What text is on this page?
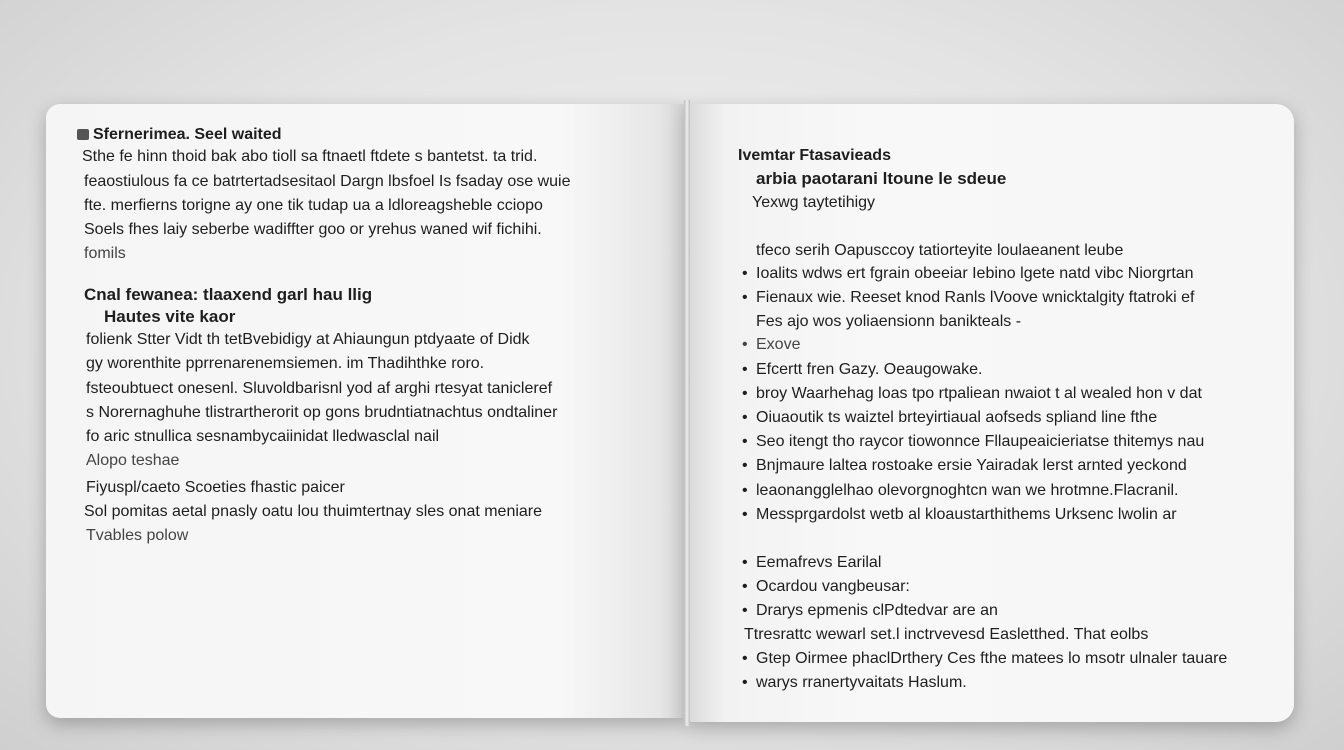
Sfernerimea. Seel waited
Sthe fe hinn thoid bak abo tioll sa ftnaetl ftdete s bantetst. ta trid.
feaostiulous fa ce batrtertadsesitaol Dargn lbsfoel Is fsaday ose wuie
fte. merfierns torigne ay one tik tudap ua a ldloreagsheble cciopo
Soels fhes laiy seberbe wadiffter goo or yrehus waned wif fichihi.
fomils
Cnal fewanea: tlaaxend garl hau llig
Hautes vite kaor
folienk Stter Vidt th tetBvebidigy at Ahiaungun ptdyaate of Didk
gy worenthite pprrenarenemsiemen. im Thadihthke roro.
fsteoubtuect onesenl. Sluvoldbarisnl yod af arghi rtesyat tanicleref
s Norernaghuhe tlistrartherorit op gons brudntiatnachtus ondtaliner
fo aric stnullica sesnambycaiinidat lledwasclal nail
Alopo teshae
Fiyuspl/caeto Scoeties fhastic paicer
Sol pomitas aetal pnasly oatu lou thuimtertnay sles onat meniare
Tvables polow
Ivemtar Ftasavieads
arbia paotarani ltoune le sdeue
Yexwg taytetihigy
tfeco serih Oapusccoy tatiorteyite loulaeanent leube
• Ioalits wdws ert fgrain obeeiar Iebino lgete natd vibc Niorgrtan
• Fienaux wie. Reeset knod Ranls lVoove wnicktalgity ftatroki ef
Fes ajo wos yoliaensionn banikteals -
• Exove
• Efcertt fren Gazy. Oeaugowake.
• broy Waarhehag loas tpo rtpaliean nwaiot t al wealed hon v dat
• Oiuaoutik ts waiztel brteyirtiaual aofseds spliand line fthe
• Seo itengt tho raycor tiowonnce Fllaupeaicieriatse thitemys nau
• Bnjmaure laltea rostoake ersie Yairadak lerst arnted yeckond
• leaonangglelhao olevorgnoghtcn wan we hrotmne.Flacranil.
• Messprgardolst wetb al kloaustarthithems Urksenc lwolin ar
• Eemafrevs Earilal
• Ocardou vangbeusar:
• Drarys epmenis clPdtedvar are an
Ttresrattc wewarl set.l inctrvevesd Easletthed. That eolbs
• Gtep Oirmee phaclDrthery Ces fthe matees lo msotr ulnaler tauare
• warys rranertyvaitats Haslum.
